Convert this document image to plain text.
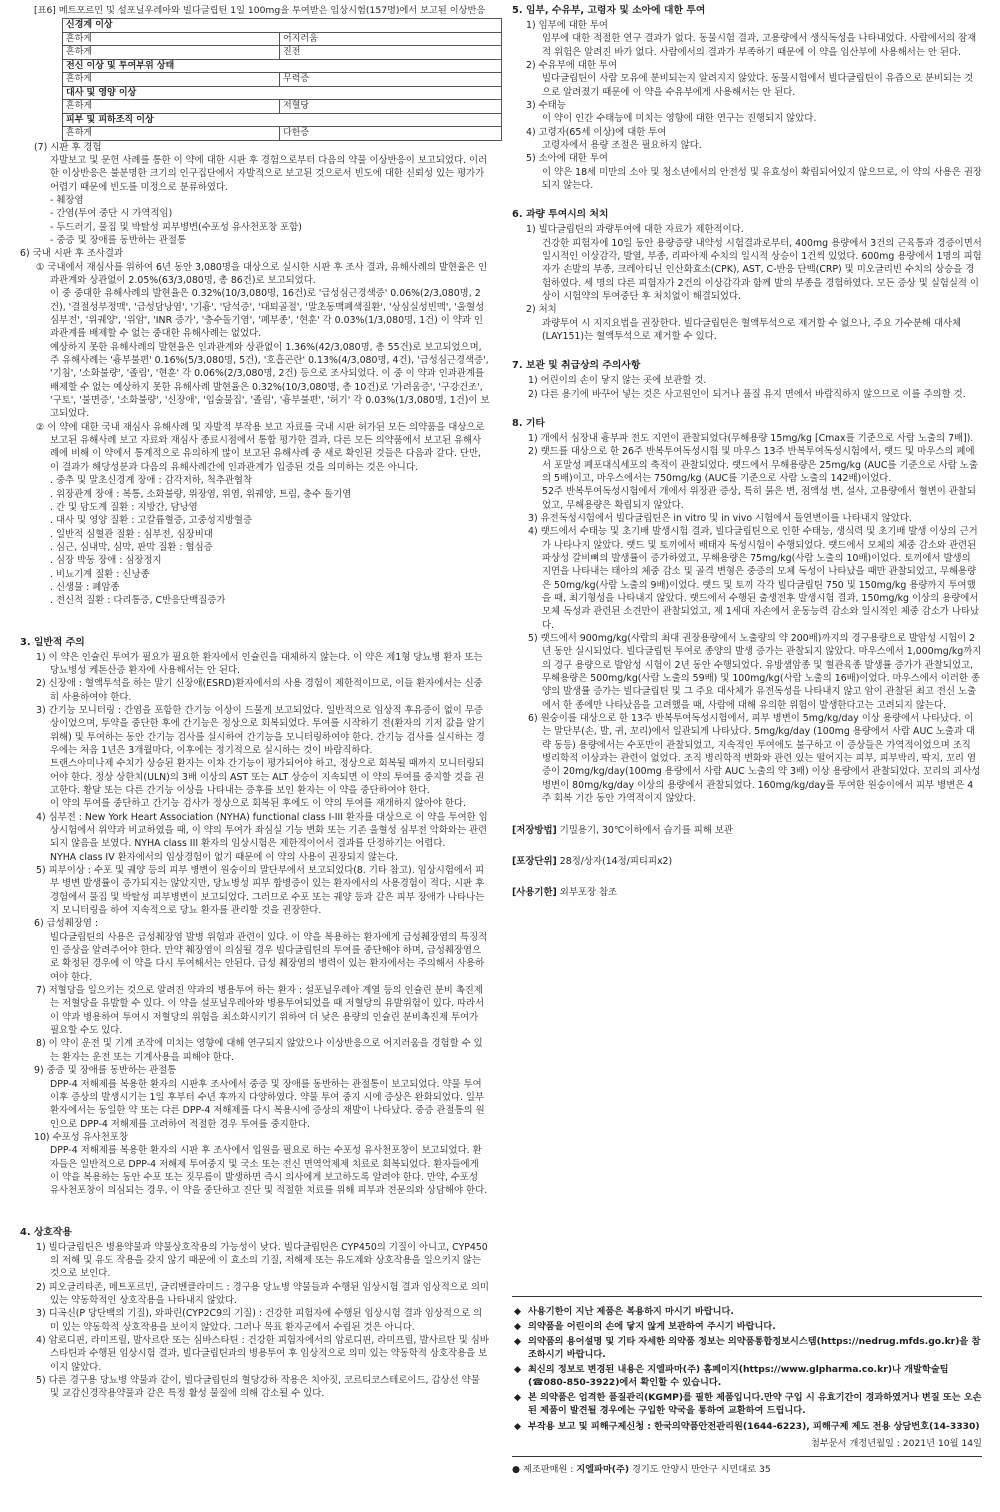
[표6] 메트포르민 및 설포닐우레아와 빌다글립틴 1일 100mg을 투여받은 임상시험(157명)에서 보고된 이상반응
신경계 이상	
흔하게	어지러움
흔하게	진전
전신 이상 및 투여부위 상태	
흔하게	무력증
대사 및 영양 이상	
흔하게	저혈당
피부 및 피하조직 이상	
흔하게	다한증
(7) 시판 후 경험
자발보고 및 문헌 사례를 통한 이 약에 대한 시판 후 경험으로부터 다음의 약물 이상반응이 보고되었다. 이러한 이상반응은 불분명한 크기의 인구집단에서 자발적으로 보고된 것으로서 빈도에 대한 신뢰성 있는 평가가 어렵기 때문에 빈도를 미정으로 분류하였다.
- 췌장염
- 간염(투여 중단 시 가역적임)
- 두드러기, 물집 및 박탈성 피부병변(수포성 유사천포창 포함)
- 중증 및 장애를 동반하는 관절통
6) 국내 시판 후 조사결과
① 국내에서 재심사를 위하여 6년 동안 3,080명을 대상으로 실시한 시판 후 조사 결과, 유해사례의 발현율은 인과관계와 상관없이 2.05%(63/3,080명, 총 86건)로 보고되었다.
이 중 중대한 유해사례의 발현율은 0.32%(10/3,080명, 16건)로 '급성심근경색증' 0.06%(2/3,080명, 2건), '결절성부정맥', '급성담낭염', '기흉', '담석증', '대퇴골절', '말초동맥폐색질환', '상심실성빈맥', '울혈성심부전', '위궤양', '위암', 'INR 증가', '충수돌기염', '폐부종', '현훈' 각 0.03%(1/3,080명, 1건) 이 약과 인과관계를 배제할 수 없는 중대한 유해사례는 없었다.
예상하지 못한 유해사례의 발현율은 인과관계와 상관없이 1.36%(42/3,080명, 총 55건)로 보고되었으며, 주 유해사례는 '흉부불편' 0.16%(5/3,080명, 5건), '호흡곤란' 0.13%(4/3,080명, 4건), '급성심근경색증', '기침', '소화불량', '졸림', '현훈' 각 0.06%(2/3,080명, 2건) 등으로 조사되었다. 이 중 이 약과 인과관계를 배제할 수 없는 예상하지 못한 유해사례 발현율은 0.32%(10/3,080명, 총 10건)로 '가려움증', '구강건조', '구토', '불면증', '소화불량', '신장애', '입술물집', '졸림', '흉부불편', '허기' 각 0.03%(1/3,080명, 1건)이 보고되었다.
② 이 약에 대한 국내 재심사 유해사례 및 자발적 부작용 보고 자료를 국내 시판 허가된 모든 의약품을 대상으로 보고된 유해사례 보고 자료와 재심사 종료시점에서 통합 평가한 결과, 다른 모든 의약품에서 보고된 유해사례에 비해 이 약에서 통계적으로 유의하게 많이 보고된 유해사례 중 새로 확인된 것들은 다음과 같다. 단만, 이 결과가 해당성분과 다음의 유해사례간에 인과관계가 입증된 것을 의미하는 것은 아니다.
. 중추 및 말초신경계 장애 : 감각저하, 척추관협착
. 위장관계 장애 : 복통, 소화불량, 위장염, 위염, 위궤양, 트림, 충수 돌기염
. 간 및 담도계 질환 : 지방간, 담낭염
. 대사 및 영양 질환 : 고칼륨혈증, 고중성지방혈증
. 일반적 심혈관 질환 : 심부전, 심장비대
. 심근, 심내막, 심막, 판막 질환 : 협심증
. 심장 박동 장애 : 심장정지
. 비뇨기계 질환 : 신낭종
. 신생물 : 폐암종
. 전신적 질환 : 다리통증, C반응단백질증가
3. 일반적 주의
1) 이 약은 인슐린 투여가 필요가 필요한 환자에서 인슐린을 대체하지 않는다. 이 약은 제1형 당뇨병 환자 또는 당뇨병성 케톤산증 환자에 사용해서는 안 된다.
2) 신장애 : 혈액투석을 하는 말기 신장애(ESRD)환자에서의 사용 경험이 제한적이므로, 이들 환자에서는 신중히 사용하여야 한다.
3) 간기능 모니터링 : 간염을 포함한 간기능 이상이 드물게 보고되었다. 일반적으로 임상적 후유증이 없이 무증상이었으며, 투약을 중단한 후에 간기능은 정상으로 회복되었다. 투여를 시작하기 전(환자의 기저 값을 알기 위해) 및 투여하는 동안 간기능 검사를 실시하여 간기능을 모니터링하여야 한다. 간기능 검사를 실시하는 경우에는 처음 1년은 3개월마다, 이후에는 정기적으로 실시하는 것이 바람직하다.
트랜스아미나제 수치가 상승된 환자는 이차 간기능이 평가되어야 하고, 정상으로 회복될 때까지 모니터링되어야 한다. 정상 상한치(ULN)의 3배 이상의 AST 또는 ALT 상승이 지속되면 이 약의 투여를 중지할 것을 권고한다. 황달 또는 다른 간기능 이상을 나타내는 증후를 보인 환자는 이 약을 중단하여야 한다.
이 약의 투여를 중단하고 간기능 검사가 정상으로 회복된 후에도 이 약의 투여를 재개하지 않아야 한다.
4) 심부전 : New York Heart Association (NYHA) functional class I-III 환자를 대상으로 이 약을 투여한 임상시험에서 위약과 비교하였을 때, 이 약의 투여가 좌심실 기능 변화 또는 기존 울혈성 심부전 악화와는 관련되지 않음을 보였다. NYHA class III 환자의 임상시험은 제한적이어서 결과를 단정하기는 어렵다.
NYHA class IV 환자에서의 임상경험이 없기 때문에 이 약의 사용이 권장되지 않는다.
5) 피부이상 : 수포 및 궤양 등의 피부 병변이 원숭이의 말단부에서 보고되었다(8. 기타 참고). 임상시험에서 피부 병변 발생률이 증가되지는 않았지만, 당뇨병성 피부 합병증이 있는 환자에서의 사용경험이 적다. 시판 후 경험에서 물집 및 박탈성 피부병변이 보고되었다. 그러므로 수포 또는 궤양 등과 같은 피부 장애가 나타나는지 모니터링을 하여 지속적으로 당뇨 환자를 관리할 것을 권장한다.
6) 급성췌장염 :
빌다글립틴의 사용은 급성췌장염 발병 위험과 관련이 있다. 이 약을 복용하는 환자에게 급성췌장염의 특징적인 증상을 알려주어야 한다. 만약 췌장염이 의심될 경우 빌다글립틴의 투여를 중단해야 하며, 급성췌장염으로 확정된 경우에 이 약을 다시 투여해서는 안된다. 급성 췌장염의 병력이 있는 환자에서는 주의해서 사용하여야 한다.
7) 저혈당을 일으키는 것으로 알려진 약과의 병용투여 하는 환자 : 설포닐우레아 계열 등의 인슐린 분비 촉진제는 저혈당을 유발할 수 있다. 이 약을 설포닐우레아와 병용투여되었을 때 저혈당의 유발위험이 있다. 따라서 이 약과 병용하여 투여시 저혈당의 위험을 최소화시키기 위하여 더 낮은 용량의 인슐린 분비촉진제 투여가 필요할 수도 있다.
8) 이 약이 운전 및 기계 조작에 미치는 영향에 대해 연구되지 않았으나 이상반응으로 어지러움을 경험할 수 있는 환자는 운전 또는 기계사용을 피해야 한다.
9) 중증 및 장애를 동반하는 관절통
DPP-4 저해제를 복용한 환자의 시판후 조사에서 중증 및 장애를 동반하는 관절통이 보고되었다. 약물 투여 이후 증상의 발생시기는 1일 후부터 수년 후까지 다양하였다. 약물 투여 중지 시에 증상은 완화되었다. 일부 환자에서는 동일한 약 또는 다른 DPP-4 저해제를 다시 복용시에 증상의 재발이 나타났다. 중증 관절통의 원인으로 DPP-4 저해제를 고려하여 적절한 경우 투여를 중지한다.
10) 수포성 유사천포창
DPP-4 저해제를 복용한 환자의 시판 후 조사에서 입원을 필요로 하는 수포성 유사천포창이 보고되었다. 환자들은 일반적으로 DPP-4 저해제 투여중지 및 국소 또는 전신 면역억제제 치료로 회복되었다. 환자들에게 이 약을 복용하는 동안 수포 또는 짓무름이 발생하면 즉시 의사에게 보고하도록 알려야 한다. 만약, 수포성 유사천포창이 의심되는 경우, 이 약을 중단하고 진단 및 적절한 치료를 위해 피부과 전문의와 상담해야 한다.
4. 상호작용
1) 빌다글립틴은 병용약물과 약물상호작용의 가능성이 낮다. 빌다글립틴은 CYP450의 기질이 아니고, CYP450의 저해 및 유도 작용을 갖지 않기 때문에 이 효소의 기질, 저해제 또는 유도제와 상호작용을 일으키지 않는 것으로 보인다.
2) 피오글리타존, 메트포르민, 글리벤클라미드 : 경구용 당뇨병 약물들과 수행된 임상시험 결과 임상적으로 의미 있는 약동학적인 상호작용을 나타내지 않았다.
3) 디곡신(P 당단백의 기질), 와파린(CYP2C9의 기질) : 건강한 피험자에 수행된 임상시험 결과 임상적으로 의미 있는 약동학적 상호작용을 보이지 않았다. 그러나 목표 환자군에서 수립된 것은 아니다.
4) 암로디핀, 라미프릴, 발사르탄 또는 심바스타틴 : 건강한 피험자에서의 암로디핀, 라미프릴, 발사르탄 및 심바스타틴과 수행된 임상시험 결과, 빌다글립틴과의 병용투여 후 임상적으로 의미 있는 약동학적 상호작용을 보이지 않았다.
5) 다른 경구용 당뇨병 약물과 같이, 빌다글립틴의 혈당강하 작용은 치아짓, 코르티코스테로이드, 갑상선 약물 및 교감신경작용약물과 같은 특정 활성 물질에 의해 감소될 수 있다.
5. 임부, 수유부, 고령자 및 소아에 대한 투여
1) 임부에 대한 투여
임부에 대한 적절한 연구 결과가 없다. 동물시험 결과, 고용량에서 생식독성을 나타내었다. 사람에서의 잠재적 위험은 알려진 바가 없다. 사람에서의 결과가 부족하기 때문에 이 약을 임산부에 사용해서는 안 된다.
2) 수유부에 대한 투여
빌다글립틴이 사람 모유에 분비되는지 알려지지 않았다. 동물시험에서 빌다글립틴이 유즙으로 분비되는 것으로 알려졌기 때문에 이 약을 수유부에게 사용해서는 안 된다.
3) 수태능
이 약이 인간 수태능에 미치는 영향에 대한 연구는 진행되지 않았다.
4) 고령자(65세 이상)에 대한 투여
고령자에서 용량 조절은 필요하지 않다.
5) 소아에 대한 투여
이 약은 18세 미만의 소아 및 청소년에서의 안전성 및 유효성이 확립되어있지 않으므로, 이 약의 사용은 권장되지 않는다.
6. 과량 투여시의 처치
1) 빌다글립틴의 과량투여에 대한 자료가 제한적이다.
건강한 피험자에 10일 동안 용량증량 내약성 시험결과로부터, 400mg 용량에서 3건의 근육통과 경증이면서 일시적인 이상감각, 발열, 부종, 리파아제 수치의 일시적 상승이 1건씩 있었다. 600mg 용량에서 1명의 피험자가 손발의 부종, 크레아티닌 인산화효소(CPK), AST, C-반응 단백(CRP) 및 미오글리빈 수치의 상승을 경험하였다. 세 명의 다른 피험자가 2건의 이상감각과 함께 발의 부종을 경험하였다. 모든 증상 및 실험실적 이상이 시험약의 투여중단 후 처치없이 해결되었다.
2) 처치
과량투여 시 지지요법을 권장한다. 빌다글립틴은 혈액투석으로 제거할 수 없으나, 주요 가수분해 대사체(LAY151)는 혈액투석으로 제거할 수 있다.
7. 보관 및 취급상의 주의사항
1) 어린이의 손이 닿지 않는 곳에 보관할 것.
2) 다른 용기에 바꾸어 넣는 것은 사고원인이 되거나 품질 유지 면에서 바람직하지 않으므로 이를 주의할 것.
8. 기타
1) 개에서 심장내 흉부파 전도 지연이 관찰되었다(무해용량 15mg/kg [Cmax를 기준으로 사람 노출의 7배]).
2) 랫드를 대상으로 한 26주 반복투여독성시험 및 마우스 13주 반복투여독성시험에서, 랫드 및 마우스의 폐에서 포말성 폐포대식세포의 축적이 관찰되었다. 랫드에서 무해용량은 25mg/kg (AUC를 기준으로 사람 노출의 5배)이고, 마우스에서는 750mg/kg (AUC를 기준으로 사람 노출의 142배)이었다.
52주 반복투여독성시험에서 개에서 위장관 증상, 특히 묽은 변, 점액성 변, 설사, 고용량에서 혈변이 관찰되었고, 무해용량은 확립되지 않았다.
3) 유전독성시험에서 빌다글립틴은 in vitro 및 in vivo 시험에서 돌연변이를 나타내지 않았다.
4) 랫드에서 수태능 및 초기배 발생시험 결과, 빌다글립틴으로 인한 수태능, 생식력 및 초기배 발생 이상의 근거가 나타나지 않았다. 랫드 및 토끼에서 배태자 독성시험이 수행되었다. 랫드에서 모체의 체중 감소와 관련된 파상성 갈비뼈의 발생률이 증가하였고, 무해용량은 75mg/kg(사람 노출의 10배)이었다. 토끼에서 발생의 지연을 나타내는 태아의 체중 감소 및 골격 변형은 중증의 모체 독성이 나타났을 때만 관찰되었고, 무해용량은 50mg/kg(사람 노출의 9배)이었다. 랫드 및 토끼 각각 빌다글립틴 750 및 150mg/kg 용량까지 투여했을 때, 최기형성을 나타내지 않았다. 랫드에서 수행된 출생전후 발생시험 결과, 150mg/kg 이상의 용량에서 모체 독성과 관련된 소견만이 관찰되었고, 제 1세대 자손에서 운동능력 감소와 일시적인 체중 감소가 나타났다.
5) 랫드에서 900mg/kg(사람의 최대 권장용량에서 노출량의 약 200배)까지의 경구용량으로 발암성 시험이 2년 동안 실시되었다. 빌다글립틴 투여로 종양의 발생 증가는 관찰되지 않았다. 마우스에서 1,000mg/kg까지의 경구 용량으로 발암성 시험이 2년 동안 수행되었다. 유방샘암종 및 혈관육종 발생률 증가가 관찰되었고, 무해용량은 500mg/kg(사람 노출의 59배) 및 100mg/kg(사람 노출의 16배)이었다. 마우스에서 이러한 종양의 발생률 증가는 빌다글립틴 및 그 주요 대사체가 유전독성을 나타내지 않고 암이 관찰된 최고 전신 노출에서 한 종에만 나타났음을 고려했을 때, 사람에 대해 유의한 위험이 발생한다고는 고려되지 않는다.
6) 원숭이를 대상으로 한 13주 반복투여독성시험에서, 피부 병변이 5mg/kg/day 이상 용량에서 나타났다. 이는 말단부(손, 발, 귀, 꼬리)에서 일관되게 나타났다. 5mg/kg/day (100mg 용량에서 사람 AUC 노출과 대략 동등) 용량에서는 수포만이 관찰되었고, 지속적인 투여에도 불구하고 이 증상들은 가역적이었으며 조직 병리학적 이상과는 관련이 없었다. 조직 병리학적 변화와 관련 있는 떨어지는 피부, 피부박리, 딱지, 꼬리 염증이 20mg/kg/day(100mg 용량에서 사람 AUC 노출의 약 3배) 이상 용량에서 관찰되었다. 꼬리의 괴사성 병변이 80mg/kg/day 이상의 용량에서 관찰되었다. 160mg/kg/day를 투여한 원숭이에서 피부 병변은 4주 회복 기간 동안 가역적이지 않았다.
[저장방법] 기밀용기, 30℃이하에서 습기를 피해 보관
[포장단위] 28정/상자(14정/피티피x2)
[사용기한] 외부포장 참조
◆ 사용기한이 지난 제품은 복용하지 마시기 바랍니다.
◆ 의약품을 어린이의 손에 닿지 않게 보관하여 주시기 바랍니다.
◆ 의약품의 용어설명 및 기타 자세한 의약품 정보는 의약품통합정보시스템(https://nedrug.mfds.go.kr)을 참조하시기 바랍니다.
◆ 최신의 정보로 변경된 내용은 지엘파마(주) 홈페이지(https://www.glpharma.co.kr)나 개발학술팀(☎080-850-3922)에서 확인할 수 있습니다.
◆ 본 의약품은 엄격한 품질관리(KGMP)를 필한 제품입니다.만약 구입 시 유효기간이 경과하였거나 변질 또는 오손된 제품이 발견될 경우에는 구입한 약국을 통하여 교환하여 드립니다.
◆ 부작용 보고 및 피해구제신청 : 한국의약품안전관리원(1644-6223), 피해구제 제도 전용 상담번호(14-3330)
첨부문서 개정년월일 : 2021년 10월 14일
● 제조판매원 : 지엘파마(주) 경기도 안양시 만안구 시민대로 35
